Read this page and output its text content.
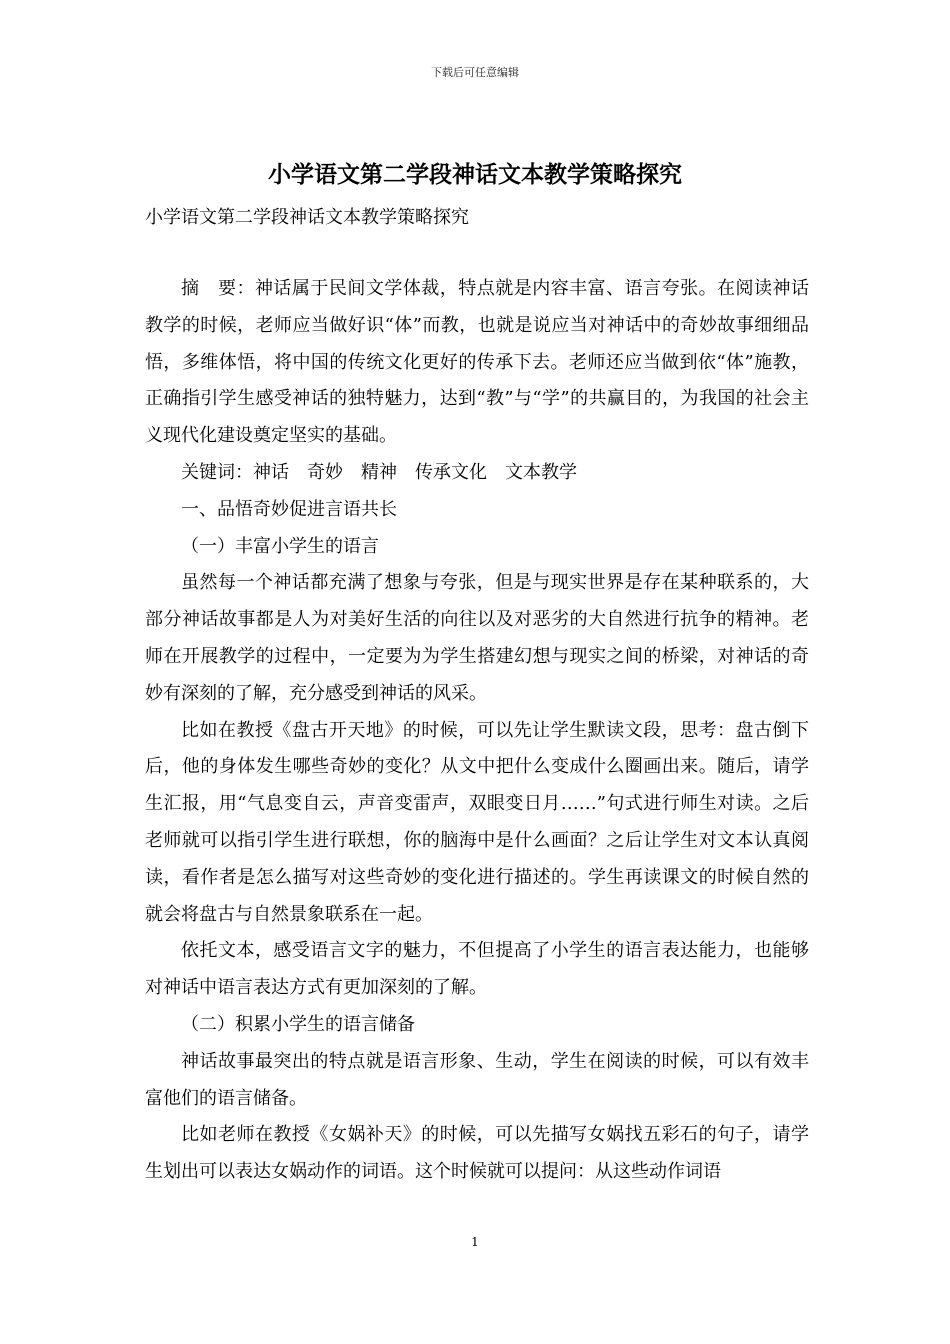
下载后可任意编辑
小学语文第二学段神话文本教学策略探究
小学语文第二学段神话文本教学策略探究

摘　要：神话属于民间文学体裁，特点就是内容丰富、语言夸张。在阅读神话教学的时候，老师应当做好识“体”而教，也就是说应当对神话中的奇妙故事细细品悟，多维体悟，将中国的传统文化更好的传承下去。老师还应当做到依“体”施教，正确指引学生感受神话的独特魅力，达到“教”与“学”的共赢目的，为我国的社会主义现代化建设奠定坚实的基础。

关键词：神话　奇妙　精神　传承文化　文本教学

一、品悟奇妙促进言语共长

（一）丰富小学生的语言

虽然每一个神话都充满了想象与夸张，但是与现实世界是存在某种联系的，大部分神话故事都是人为对美好生活的向往以及对恶劣的大自然进行抗争的精神。老师在开展教学的过程中，一定要为为学生搭建幻想与现实之间的桥梁，对神话的奇妙有深刻的了解，充分感受到神话的风采。

比如在教授《盘古开天地》的时候，可以先让学生默读文段，思考：盘古倒下后，他的身体发生哪些奇妙的变化？从文中把什么变成什么圈画出来。随后，请学生汇报，用“气息变自云，声音变雷声，双眼变日月……”句式进行师生对读。之后老师就可以指引学生进行联想，你的脑海中是什么画面？之后让学生对文本认真阅读，看作者是怎么描写对这些奇妙的变化进行描述的。学生再读课文的时候自然的就会将盘古与自然景象联系在一起。

依托文本，感受语言文字的魅力，不但提高了小学生的语言表达能力，也能够对神话中语言表达方式有更加深刻的了解。

（二）积累小学生的语言储备

神话故事最突出的特点就是语言形象、生动，学生在阅读的时候，可以有效丰富他们的语言储备。

比如老师在教授《女娲补天》的时候，可以先描写女娲找五彩石的句子，请学生划出可以表达女娲动作的词语。这个时候就可以提问：从这些动作词语

1
